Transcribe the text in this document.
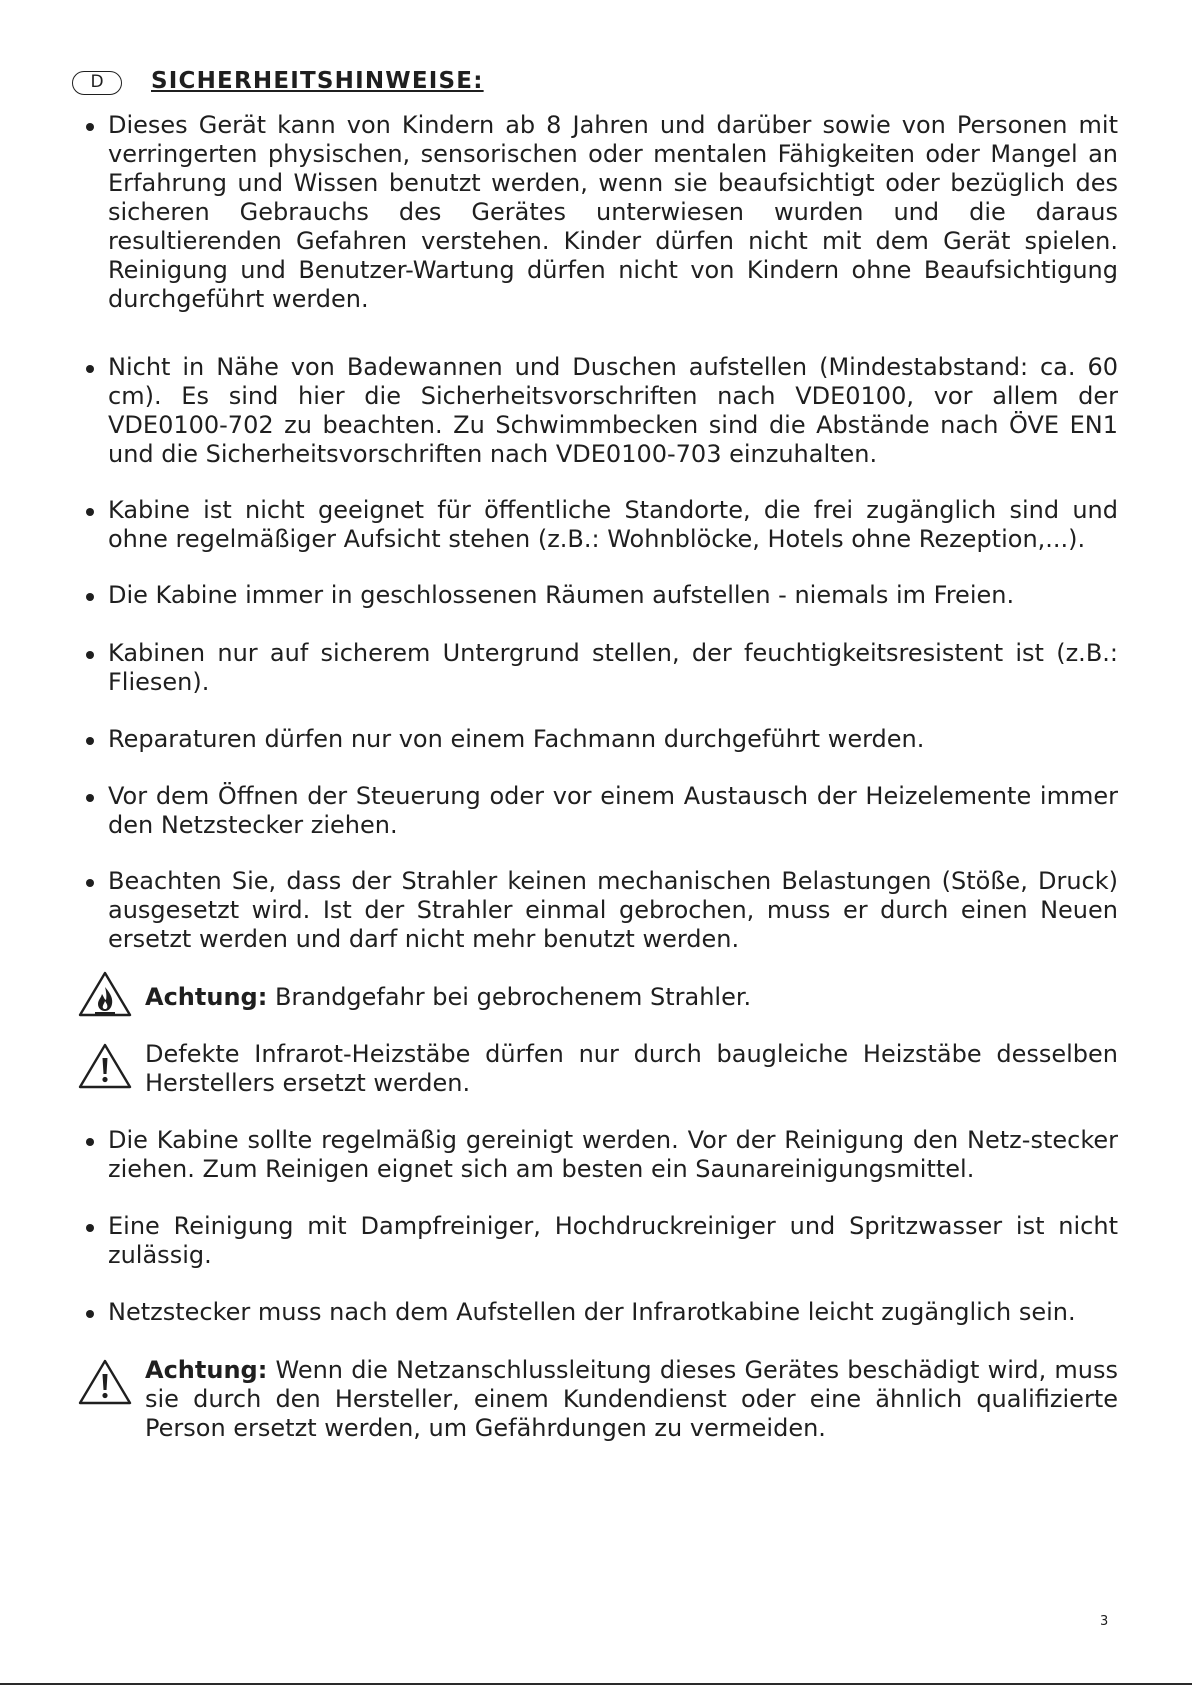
D	SICHERHEITSHINWEISE:
Dieses Gerät kann von Kindern ab 8 Jahren und darüber sowie von Personen mit verringerten physischen, sensorischen oder mentalen Fähigkeiten oder Mangel an Erfahrung und Wissen benutzt werden, wenn sie beaufsichtigt oder bezüglich des sicheren Gebrauchs des Gerätes unterwiesen wurden und die daraus resultierenden Gefahren verstehen. Kinder dürfen nicht mit dem Gerät spielen. Reinigung und Benutzer-Wartung dürfen nicht von Kindern ohne Beaufsichtigung durchgeführt werden.
Nicht in Nähe von Badewannen und Duschen aufstellen (Mindestabstand: ca. 60 cm). Es sind hier die Sicherheitsvorschriften nach VDE0100, vor allem der VDE0100-702 zu beachten. Zu Schwimmbecken sind die Abstände nach ÖVE EN1 und die Sicherheitsvorschriften nach VDE0100-703 einzuhalten.
Kabine ist nicht geeignet für öffentliche Standorte, die frei zugänglich sind und ohne regelmäßiger Aufsicht stehen (z.B.: Wohnblöcke, Hotels ohne Rezeption,...).
Die Kabine immer in geschlossenen Räumen aufstellen - niemals im Freien.
Kabinen nur auf sicherem Untergrund stellen, der feuchtigkeitsresistent ist (z.B.: Fliesen).
Reparaturen dürfen nur von einem Fachmann durchgeführt werden.
Vor dem Öffnen der Steuerung oder vor einem Austausch der Heizelemente immer den Netzstecker ziehen.
Beachten Sie, dass der Strahler keinen mechanischen Belastungen (Stöße, Druck) ausgesetzt wird. Ist der Strahler einmal gebrochen, muss er durch einen Neuen ersetzt werden und darf nicht mehr benutzt werden.
Achtung: Brandgefahr bei gebrochenem Strahler.
Defekte Infrarot-Heizstäbe dürfen nur durch baugleiche Heizstäbe desselben Herstellers ersetzt werden.
Die Kabine sollte regelmäßig gereinigt werden. Vor der Reinigung den Netz-stecker ziehen. Zum Reinigen eignet sich am besten ein Saunareinigungsmittel.
Eine Reinigung mit Dampfreiniger, Hochdruckreiniger und Spritzwasser ist nicht zulässig.
Netzstecker muss nach dem Aufstellen der Infrarotkabine leicht zugänglich sein.
Achtung: Wenn die Netzanschlussleitung dieses Gerätes beschädigt wird, muss sie durch den Hersteller, einem Kundendienst oder eine ähnlich qualifizierte Person ersetzt werden, um Gefährdungen zu vermeiden.
3
